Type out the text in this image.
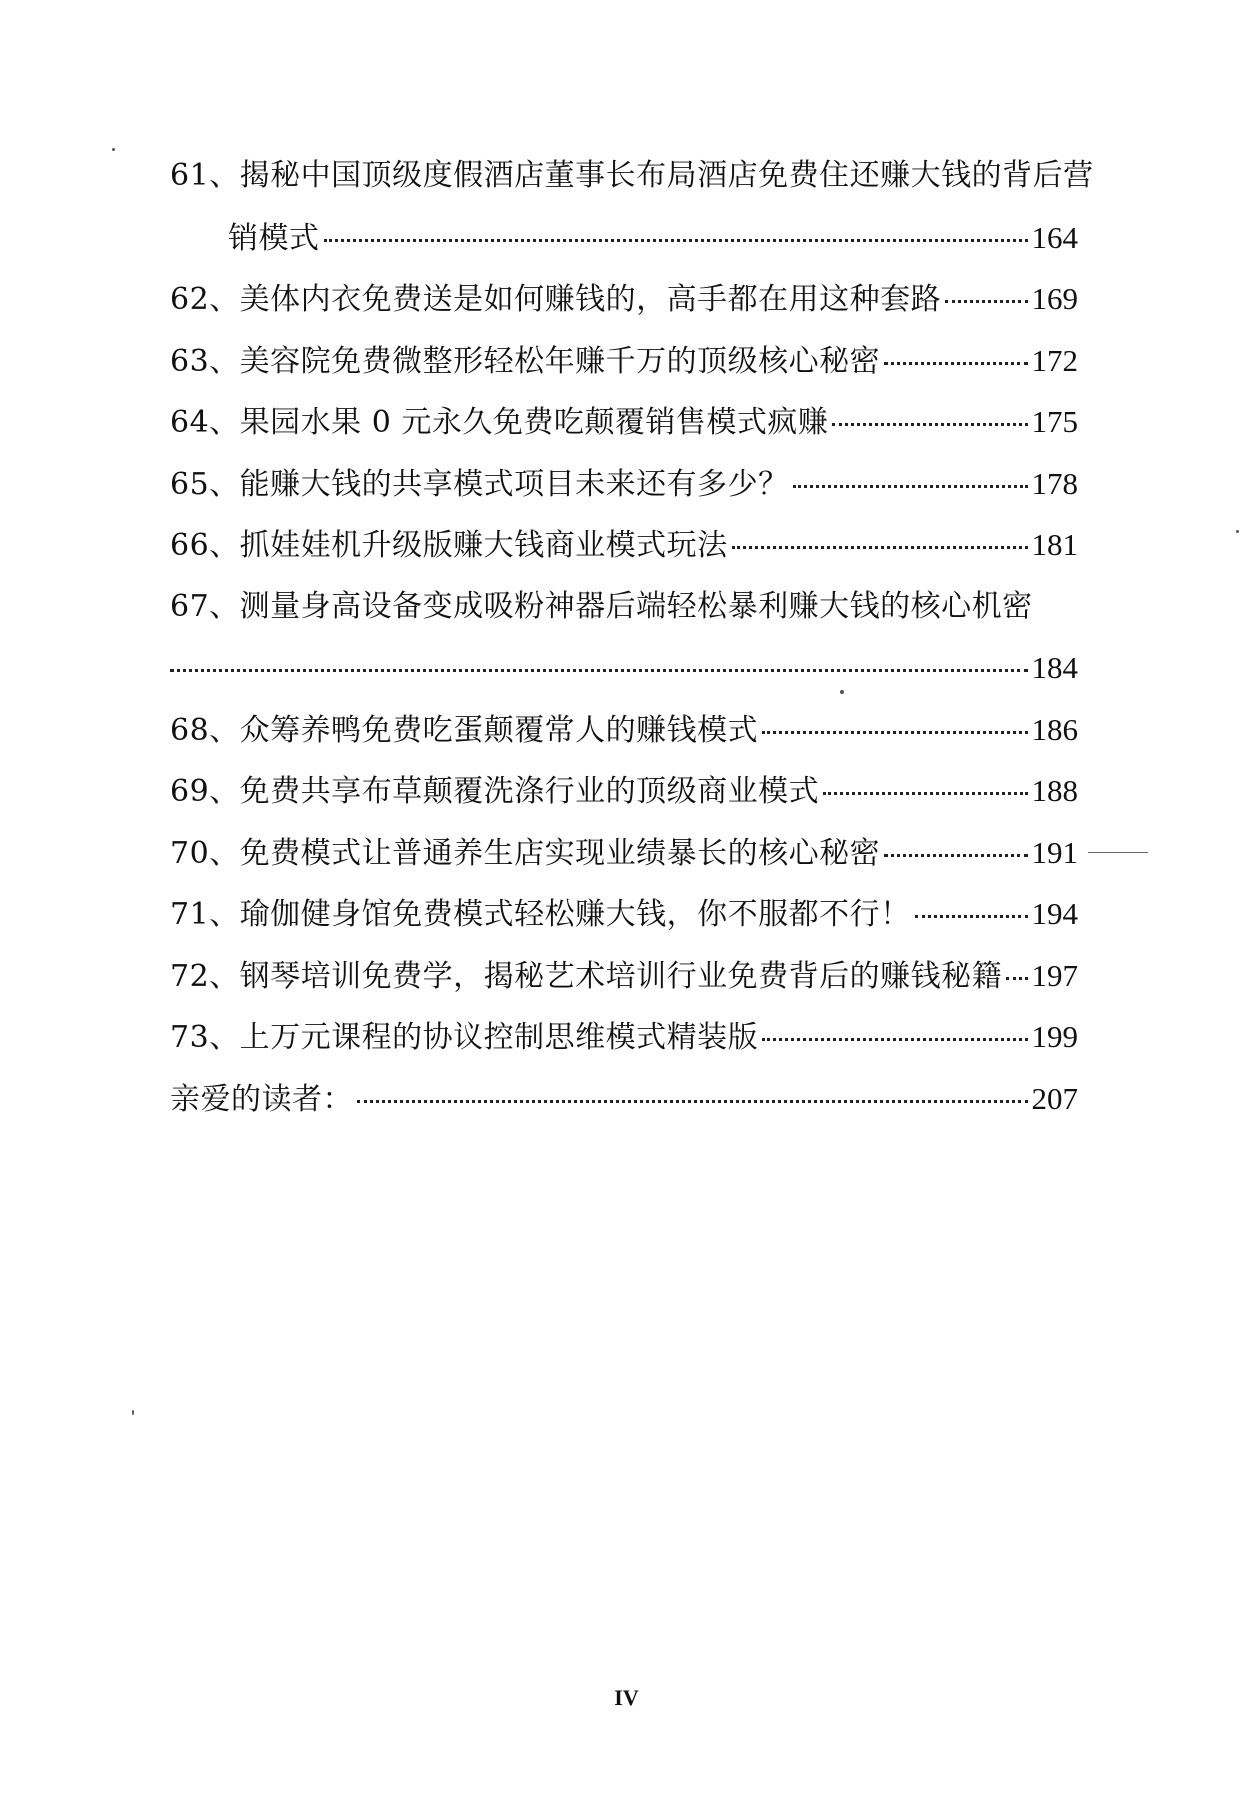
61、揭秘中国顶级度假酒店董事长布局酒店免费住还赚大钱的背后营
销模式	164
62、美体内衣免费送是如何赚钱的，高手都在用这种套路	169
63、美容院免费微整形轻松年赚千万的顶级核心秘密	172
64、果园水果 0 元永久免费吃颠覆销售模式疯赚	175
65、能赚大钱的共享模式项目未来还有多少？	178
66、抓娃娃机升级版赚大钱商业模式玩法	181
67、测量身高设备变成吸粉神器后端轻松暴利赚大钱的核心机密
184
68、众筹养鸭免费吃蛋颠覆常人的赚钱模式	186
69、免费共享布草颠覆洗涤行业的顶级商业模式	188
70、免费模式让普通养生店实现业绩暴长的核心秘密	191
71、瑜伽健身馆免费模式轻松赚大钱，你不服都不行！	194
72、钢琴培训免费学，揭秘艺术培训行业免费背后的赚钱秘籍 197
73、上万元课程的协议控制思维模式精装版	199
亲爱的读者：	207
IV
